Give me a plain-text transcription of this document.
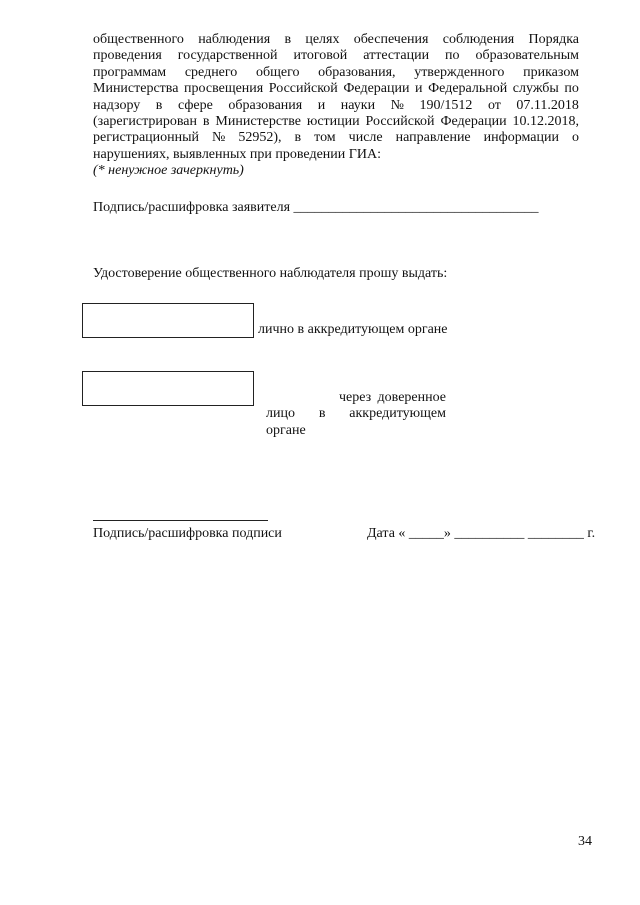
общественного наблюдения в целях обеспечения соблюдения Порядка
проведения государственной итоговой аттестации по образовательным
программам среднего общего образования, утвержденного приказом
Министерства просвещения Российской Федерации и Федеральной службы по
надзору в сфере образования и науки № 190/1512 от 07.11.2018
(зарегистрирован в Министерстве юстиции Российской Федерации 10.12.2018,
регистрационный № 52952), в том числе направление информации о
нарушениях, выявленных при проведении ГИА:
(* ненужное зачеркнуть)
Подпись/расшифровка заявителя ___________________________________
Удостоверение общественного наблюдателя прошу выдать:
лично в аккредитующем органе
через доверенное
лицо в аккредитующем
органе
Подпись/расшифровка подписи	Дата « _____» __________ ________ г.
34
